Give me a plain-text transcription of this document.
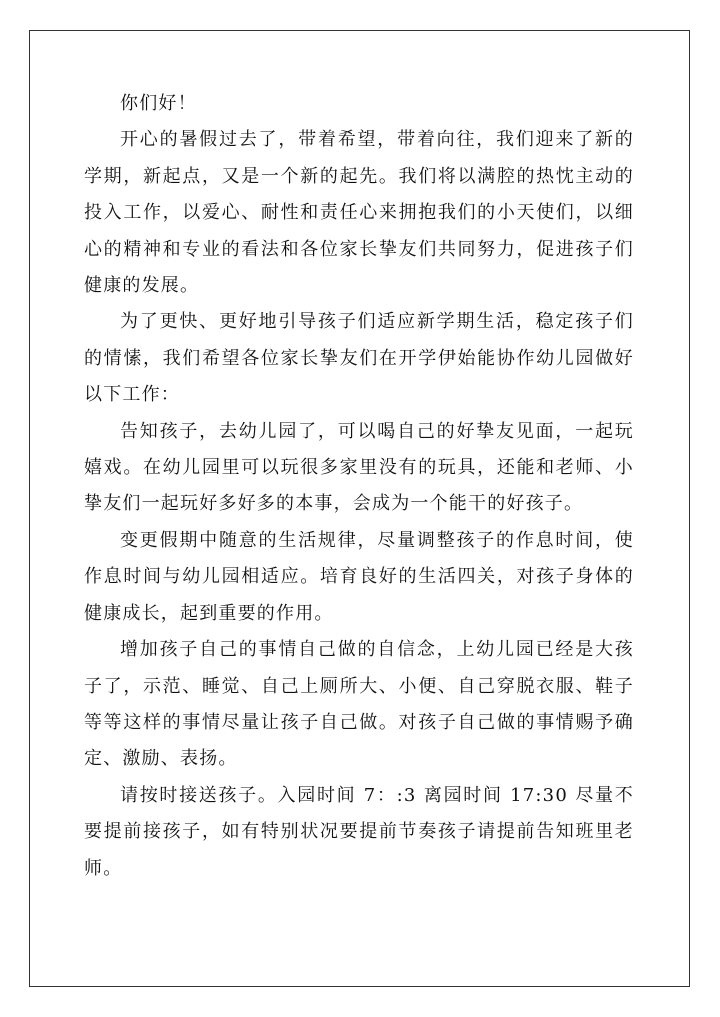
你们好！

开心的暑假过去了，带着希望，带着向往，我们迎来了新的学期，新起点，又是一个新的起先。我们将以满腔的热忱主动的投入工作，以爱心、耐性和责任心来拥抱我们的小天使们，以细心的精神和专业的看法和各位家长挚友们共同努力，促进孩子们健康的发展。

为了更快、更好地引导孩子们适应新学期生活，稳定孩子们的情愫，我们希望各位家长挚友们在开学伊始能协作幼儿园做好以下工作：

告知孩子，去幼儿园了，可以喝自己的好挚友见面，一起玩嬉戏。在幼儿园里可以玩很多家里没有的玩具，还能和老师、小挚友们一起玩好多好多的本事，会成为一个能干的好孩子。

变更假期中随意的生活规律，尽量调整孩子的作息时间，使作息时间与幼儿园相适应。培育良好的生活四关，对孩子身体的健康成长，起到重要的作用。

增加孩子自己的事情自己做的自信念，上幼儿园已经是大孩子了，示范、睡觉、自己上厕所大、小便、自己穿脱衣服、鞋子等等这样的事情尽量让孩子自己做。对孩子自己做的事情赐予确定、激励、表扬。

请按时接送孩子。入园时间 7：:3 离园时间 17:30 尽量不要提前接孩子，如有特别状况要提前节奏孩子请提前告知班里老师。
